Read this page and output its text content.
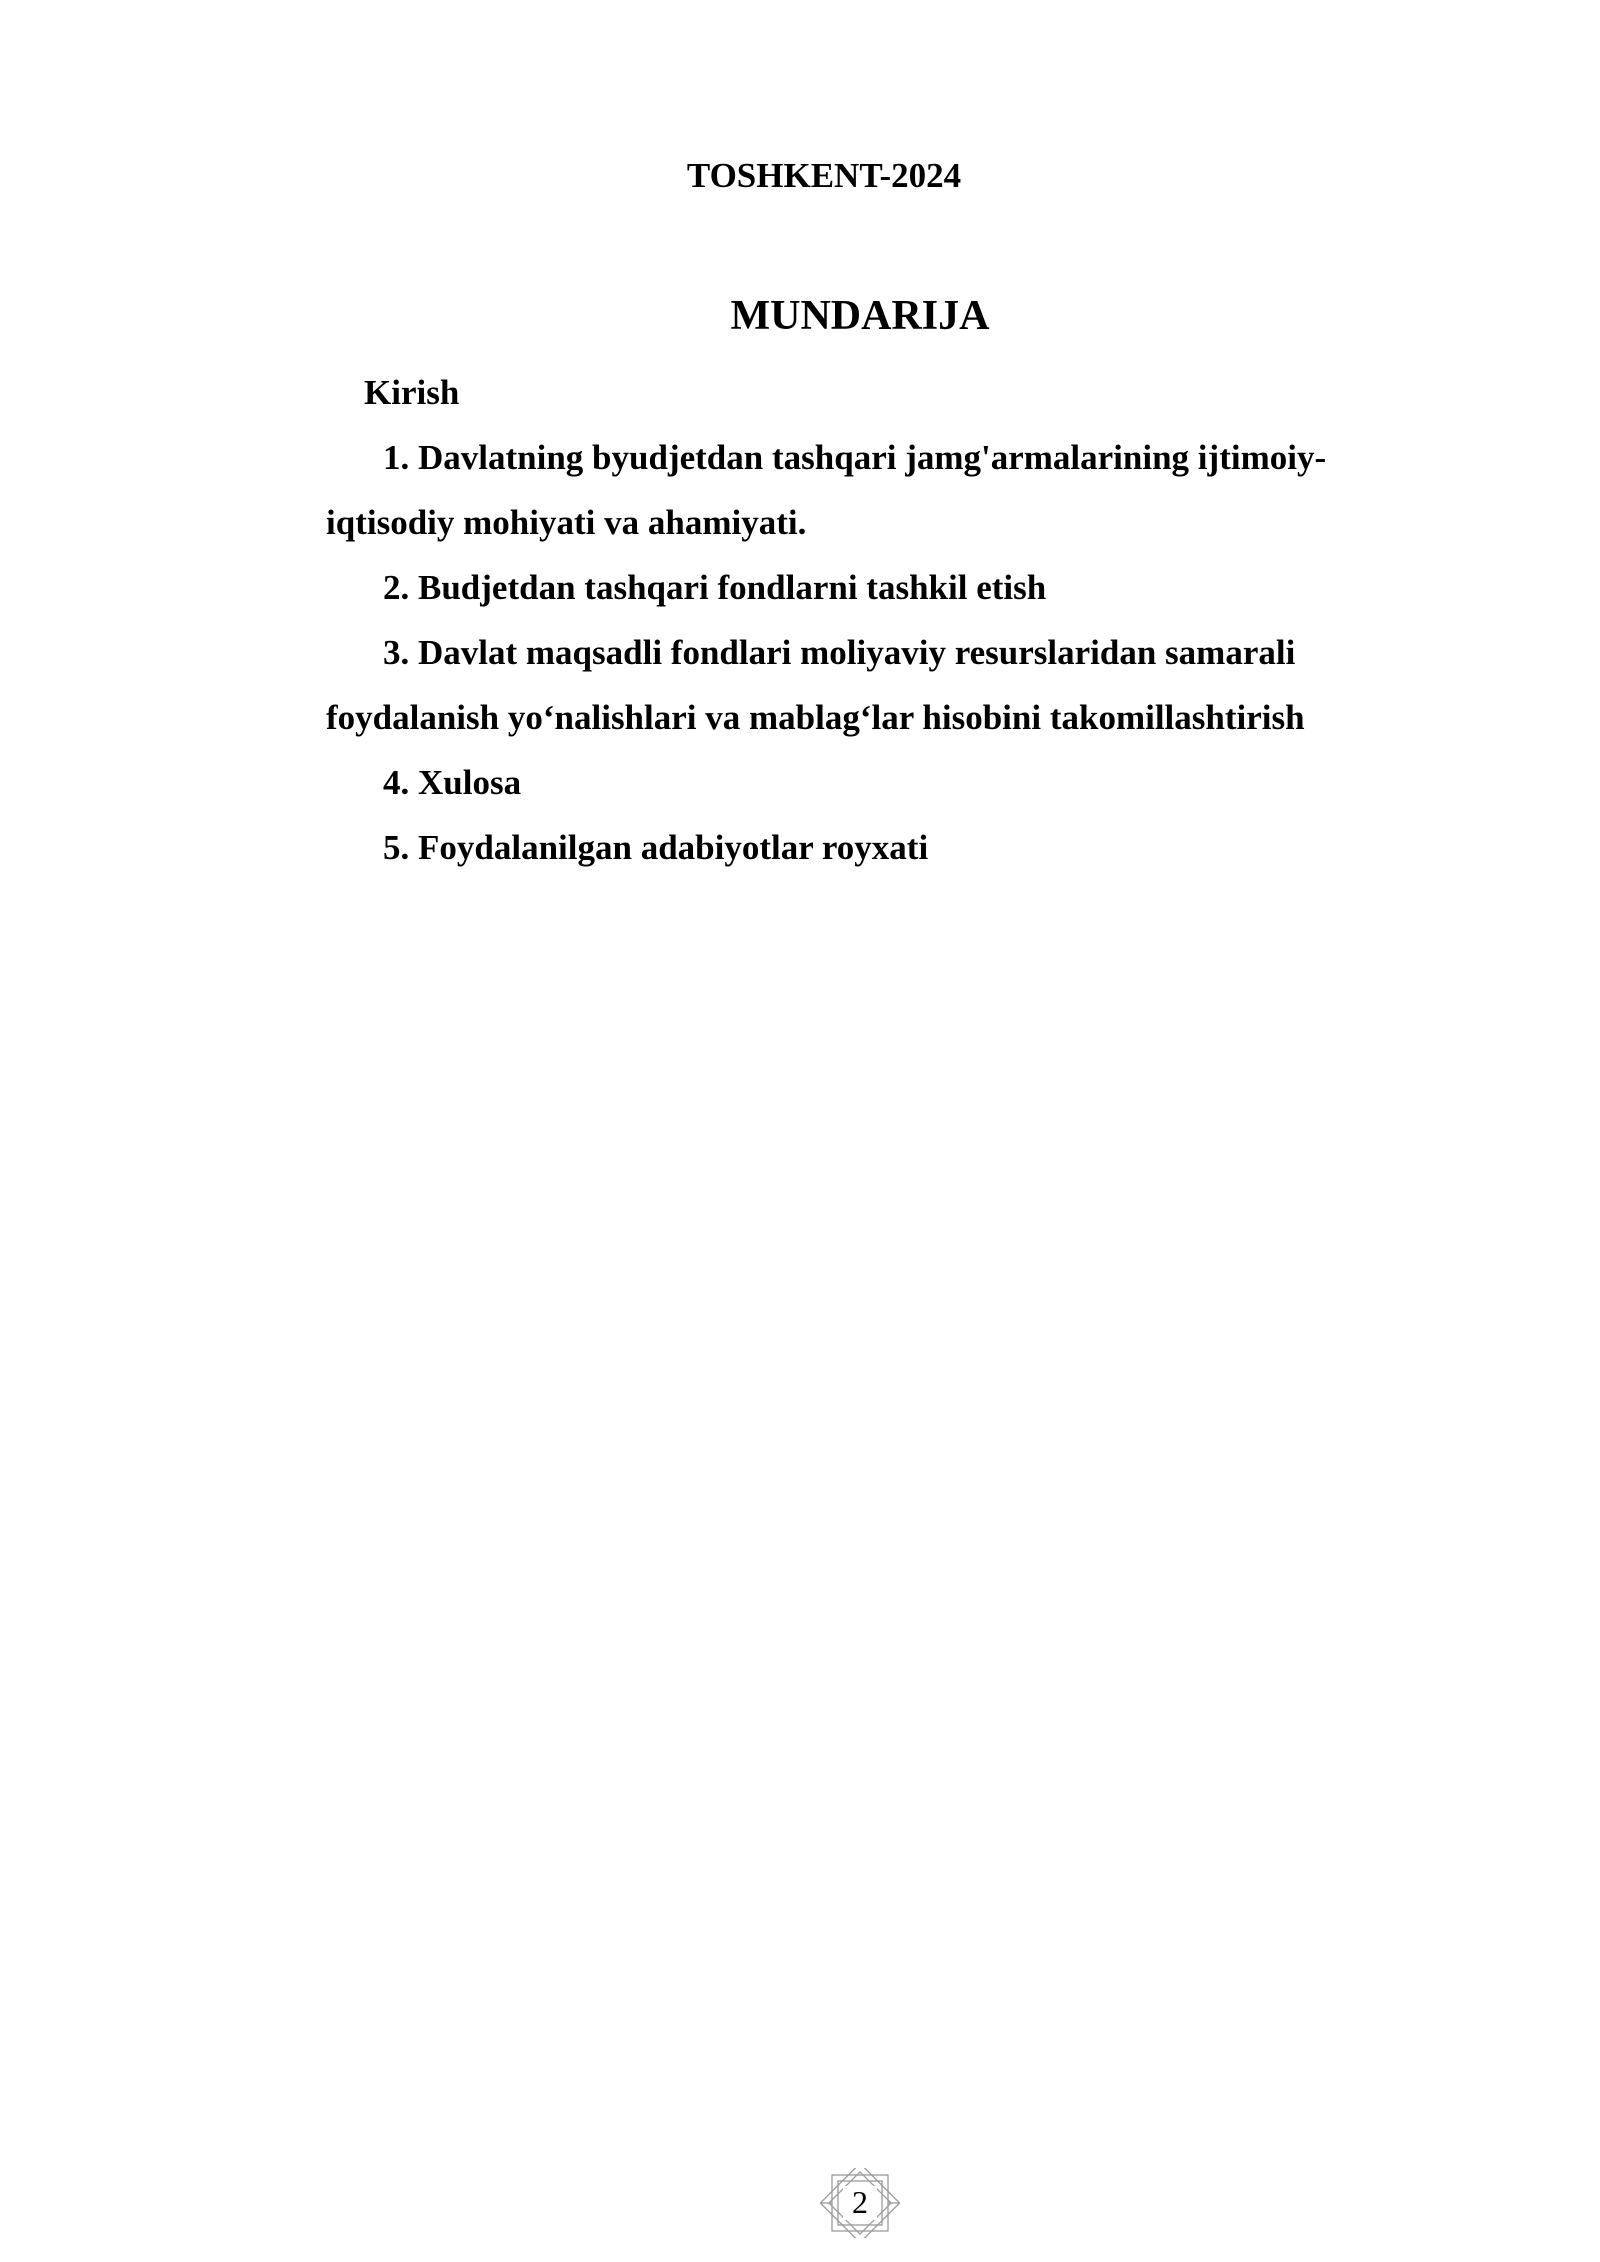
TOSHKENT-2024
MUNDARIJA
Kirish
1. Davlatning byudjetdan tashqari jamg'armalarining ijtimoiy-iqtisodiy mohiyati va ahamiyati.
2. Budjetdan tashqari fondlarni tashkil etish
3. Davlat maqsadli fondlari moliyaviy resurslaridan samarali foydalanish yo‘nalishlari va mablag‘lar hisobini takomillashtirish
4. Xulosa
5. Foydalanilgan adabiyotlar royxati
2
